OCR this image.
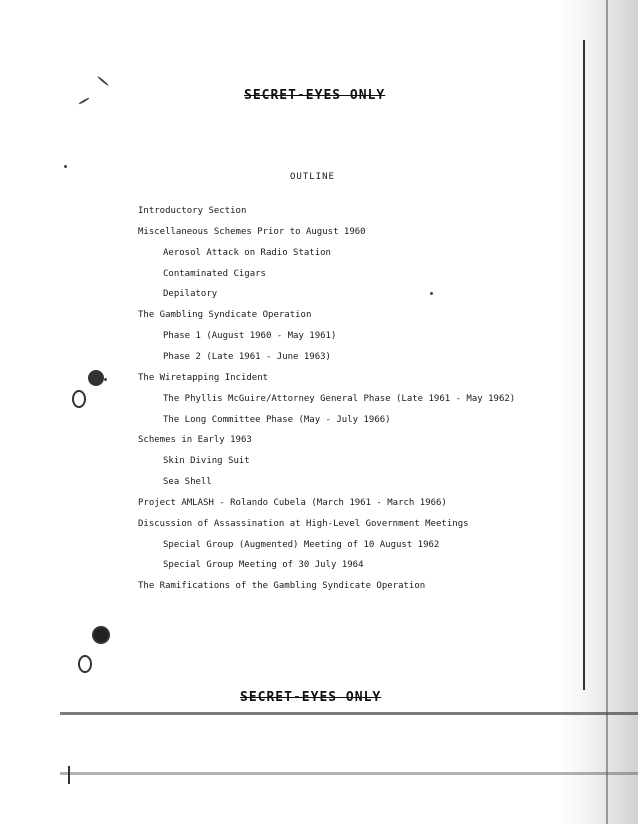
SECRET-EYES ONLY
OUTLINE
Introductory Section
Miscellaneous Schemes Prior to August 1960
Aerosol Attack on Radio Station
Contaminated Cigars
Depilatory
The Gambling Syndicate Operation
Phase 1 (August 1960 - May 1961)
Phase 2 (Late 1961 - June 1963)
The Wiretapping Incident
The Phyllis McGuire/Attorney General Phase (Late 1961 - May 1962)
The Long Committee Phase (May - July 1966)
Schemes in Early 1963
Skin Diving Suit
Sea Shell
Project AMLASH - Rolando Cubela (March 1961 - March 1966)
Discussion of Assassination at High-Level Government Meetings
Special Group (Augmented) Meeting of 10 August 1962
Special Group Meeting of 30 July 1964
The Ramifications of the Gambling Syndicate Operation
SECRET-EYES ONLY
